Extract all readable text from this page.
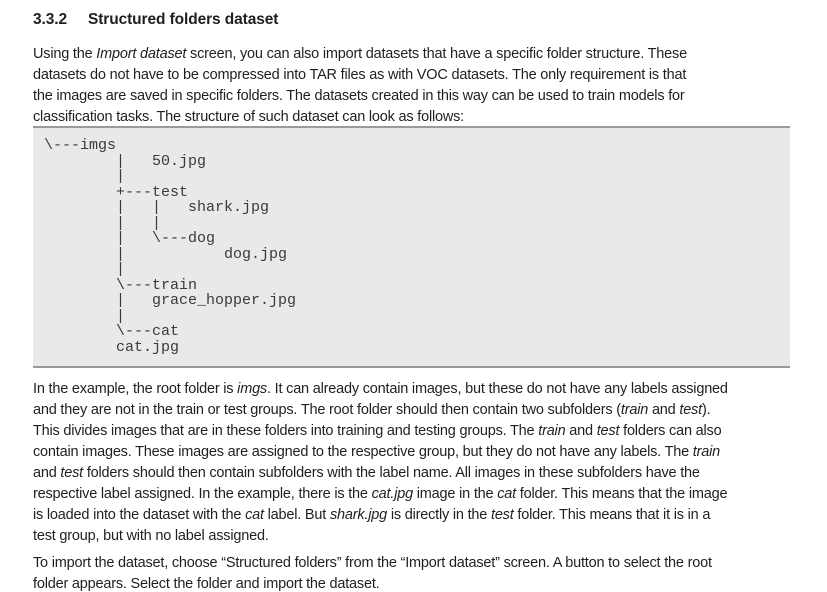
3.3.2 Structured folders dataset
Using the Import dataset screen, you can also import datasets that have a specific folder structure. These
datasets do not have to be compressed into TAR files as with VOC datasets. The only requirement is that
the images are saved in specific folders. The datasets created in this way can be used to train models for
classification tasks. The structure of such dataset can look as follows:
\---imgs
|   50.jpg
|
+---test
|   |   shark.jpg
|   |
|   \---dog
|           dog.jpg
|
\---train
|   grace_hopper.jpg
|
\---cat
cat.jpg
In the example, the root folder is imgs. It can already contain images, but these do not have any labels assigned
and they are not in the train or test groups. The root folder should then contain two subfolders (train and test).
This divides images that are in these folders into training and testing groups. The train and test folders can also
contain images. These images are assigned to the respective group, but they do not have any labels. The train
and test folders should then contain subfolders with the label name. All images in these subfolders have the
respective label assigned. In the example, there is the cat.jpg image in the cat folder. This means that the image
is loaded into the dataset with the cat label. But shark.jpg is directly in the test folder. This means that it is in a
test group, but with no label assigned.
To import the dataset, choose “Structured folders” from the “Import dataset” screen. A button to select the root
folder appears. Select the folder and import the dataset.
